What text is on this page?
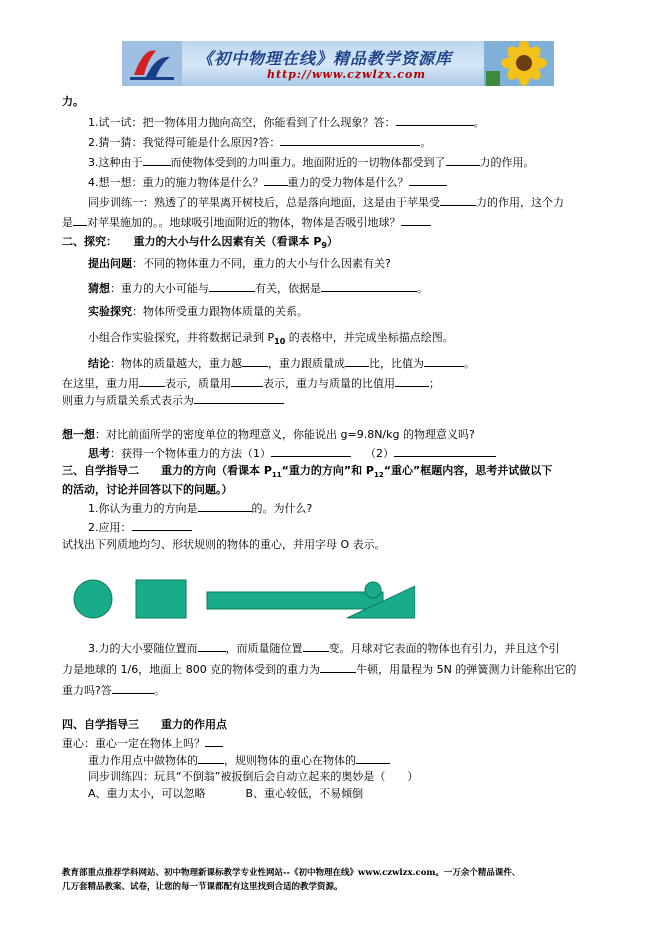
《初中物理在线》精品教学资源库
http://www.czwlzx.com
力。
1.试一试：把一物体用力抛向高空，你能看到了什么现象？答：	。
2.猜一猜：我觉得可能是什么原因?答：	。
3.这种由于	而使物体受到的力叫重力。地面附近的一切物体都受到了	力的作用。
4.想一想：重力的施力物体是什么？ 重力的受力物体是什么？
同步训练一：熟透了的苹果离开树枝后，总是落向地面，这是由于苹果受	力的作用，这个力
是 对苹果施加的。。地球吸引地面附近的物体，物体是否吸引地球？
二、探究：　　重力的大小与什么因素有关（看课本 $P_9$）
提出问题：不同的物体重力不同，重力的大小与什么因素有关?
猜想：重力的大小可能与	有关，依据是	。
实验探究：物体所受重力跟物体质量的关系。
小组合作实验探究，并将数据记录到 $P_{10}$ 的表格中，并完成坐标描点绘图。
结论：物体的质量越大，重力越 ，重力跟质量成 比，比值为	。
在这里，重力用 表示，质量用	表示，重力与质量的比值用	；
则重力与质量关系式表示为
想一想：对比前面所学的密度单位的物理意义，你能说出 g=9.8N/kg 的物理意义吗?
思考：获得一个物体重力的方法（1）	（2）
三、自学指导二　　重力的方向（看课本 $P_{11}“$重力的方向”和 $P_{12}“$重心”框题内容，思考并试做以下
的活动，讨论并回答以下的问题。）
1.你认为重力的方向是	的。为什么?
2.应用：
试找出下列质地均匀、形状规则的物体的重心，并用字母 O 表示。
3.力的大小要随位置而	，而质量随位置 变。月球对它表面的物体也有引力，并且这个引
力是地球的 1/6，地面上 800 克的物体受到的重力为	牛顿，用量程为 5N 的弹簧测力计能称出它的
重力吗?答	。
四、自学指导三　　重力的作用点
重心：重心一定在物体上吗？
重力作用点中做物体的 ，规则物体的重心在物体的
同步训练四：玩具“不倒翁”被扳倒后会自动立起来的奥妙是（　　）
A、重力太小，可以忽略	B、重心较低，不易倾倒
教育部重点推荐学科网站、初中物理新课标教学专业性网站--《初中物理在线》www.czwlzx.com。一万余个精品课件、
几万套精品教案、试卷，让您的每一节课都配有这里找到合适的教学资源。
